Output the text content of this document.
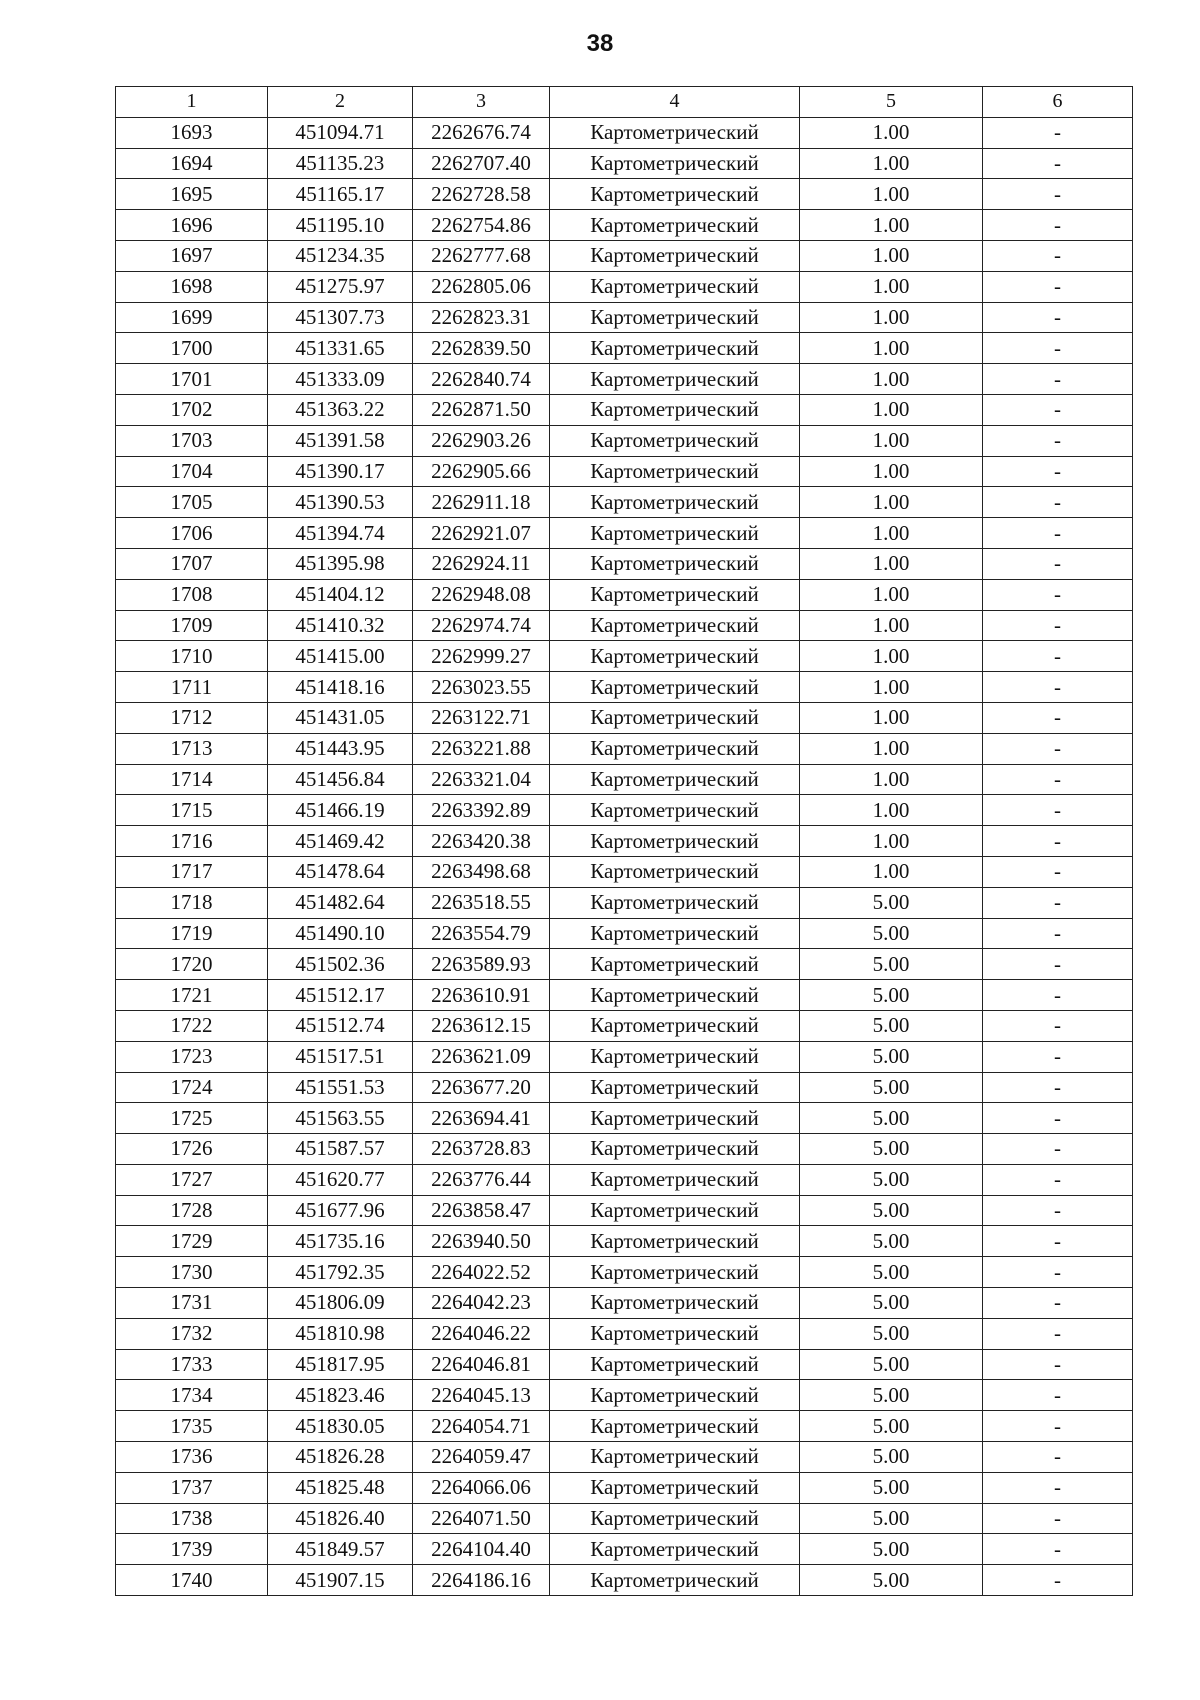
38
1	2	3	4	5	6
1693	451094.71	2262676.74	Картометрический	1.00	-
1694	451135.23	2262707.40	Картометрический	1.00	-
1695	451165.17	2262728.58	Картометрический	1.00	-
1696	451195.10	2262754.86	Картометрический	1.00	-
1697	451234.35	2262777.68	Картометрический	1.00	-
1698	451275.97	2262805.06	Картометрический	1.00	-
1699	451307.73	2262823.31	Картометрический	1.00	-
1700	451331.65	2262839.50	Картометрический	1.00	-
1701	451333.09	2262840.74	Картометрический	1.00	-
1702	451363.22	2262871.50	Картометрический	1.00	-
1703	451391.58	2262903.26	Картометрический	1.00	-
1704	451390.17	2262905.66	Картометрический	1.00	-
1705	451390.53	2262911.18	Картометрический	1.00	-
1706	451394.74	2262921.07	Картометрический	1.00	-
1707	451395.98	2262924.11	Картометрический	1.00	-
1708	451404.12	2262948.08	Картометрический	1.00	-
1709	451410.32	2262974.74	Картометрический	1.00	-
1710	451415.00	2262999.27	Картометрический	1.00	-
1711	451418.16	2263023.55	Картометрический	1.00	-
1712	451431.05	2263122.71	Картометрический	1.00	-
1713	451443.95	2263221.88	Картометрический	1.00	-
1714	451456.84	2263321.04	Картометрический	1.00	-
1715	451466.19	2263392.89	Картометрический	1.00	-
1716	451469.42	2263420.38	Картометрический	1.00	-
1717	451478.64	2263498.68	Картометрический	1.00	-
1718	451482.64	2263518.55	Картометрический	5.00	-
1719	451490.10	2263554.79	Картометрический	5.00	-
1720	451502.36	2263589.93	Картометрический	5.00	-
1721	451512.17	2263610.91	Картометрический	5.00	-
1722	451512.74	2263612.15	Картометрический	5.00	-
1723	451517.51	2263621.09	Картометрический	5.00	-
1724	451551.53	2263677.20	Картометрический	5.00	-
1725	451563.55	2263694.41	Картометрический	5.00	-
1726	451587.57	2263728.83	Картометрический	5.00	-
1727	451620.77	2263776.44	Картометрический	5.00	-
1728	451677.96	2263858.47	Картометрический	5.00	-
1729	451735.16	2263940.50	Картометрический	5.00	-
1730	451792.35	2264022.52	Картометрический	5.00	-
1731	451806.09	2264042.23	Картометрический	5.00	-
1732	451810.98	2264046.22	Картометрический	5.00	-
1733	451817.95	2264046.81	Картометрический	5.00	-
1734	451823.46	2264045.13	Картометрический	5.00	-
1735	451830.05	2264054.71	Картометрический	5.00	-
1736	451826.28	2264059.47	Картометрический	5.00	-
1737	451825.48	2264066.06	Картометрический	5.00	-
1738	451826.40	2264071.50	Картометрический	5.00	-
1739	451849.57	2264104.40	Картометрический	5.00	-
1740	451907.15	2264186.16	Картометрический	5.00	-
